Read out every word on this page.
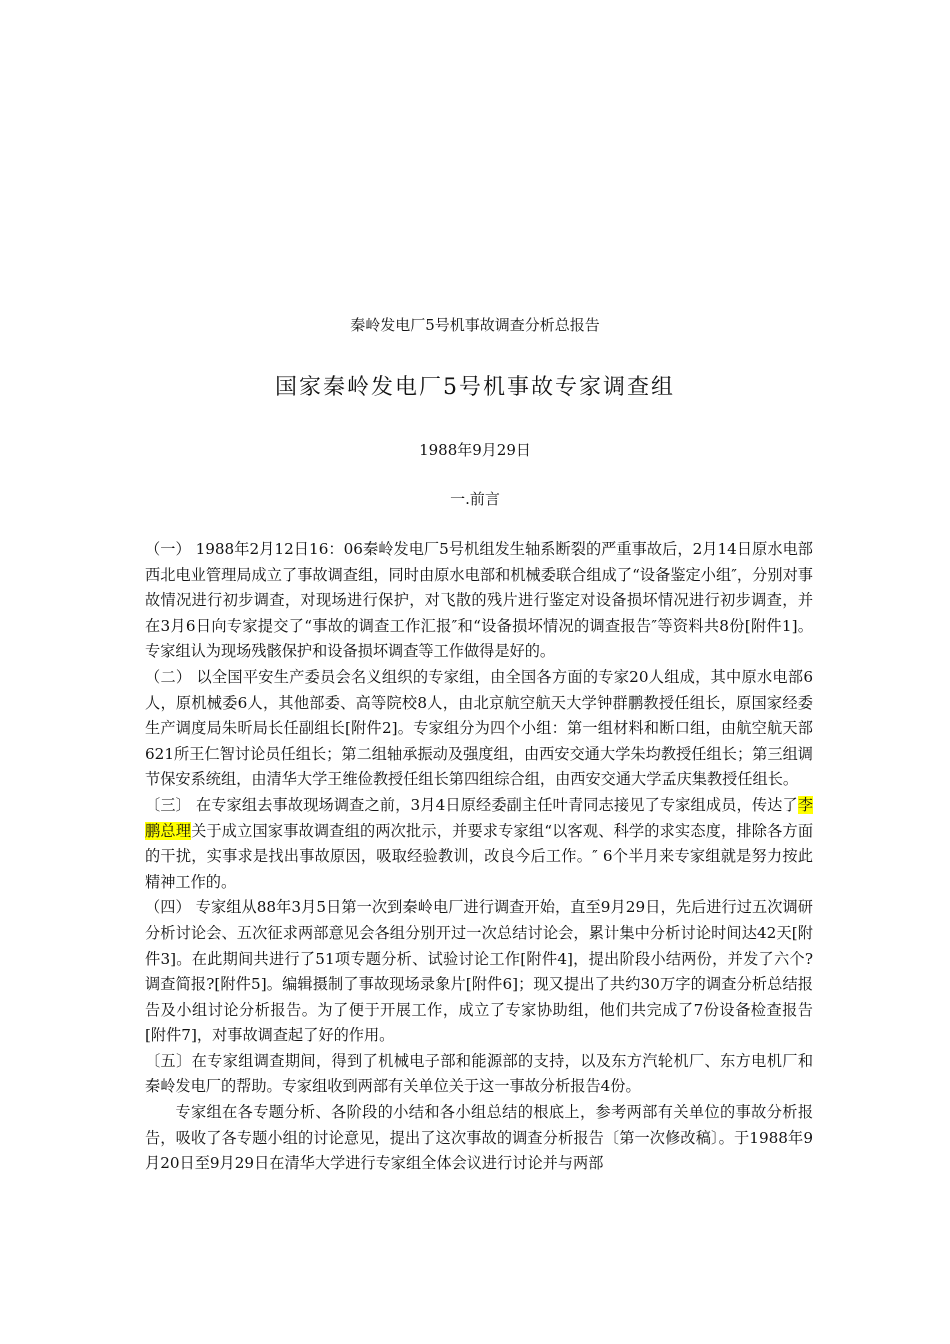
秦岭发电厂5号机事故调查分析总报告
国家秦岭发电厂5号机事故专家调查组
1988年9月29日
一.前言

（一） 1988年2月12日16：06秦岭发电厂5号机组发生轴系断裂的严重事故后，2月14日原水电部西北电业管理局成立了事故调查组，同时由原水电部和机械委联合组成了“设备鉴定小组″，分别对事故情况进行初步调查，对现场进行保护，对飞散的残片进行鉴定对设备损坏情况进行初步调查，并在3月6日向专家提交了“事故的调查工作汇报″和“设备损坏情况的调查报告″等资料共8份[附件1]。专家组认为现场残骸保护和设备损坏调查等工作做得是好的。

（二） 以全国平安生产委员会名义组织的专家组，由全国各方面的专家20人组成，其中原水电部6人，原机械委6人，其他部委、高等院校8人，由北京航空航天大学钟群鹏教授任组长，原国家经委生产调度局朱昕局长任副组长[附件2]。专家组分为四个小组：第一组材料和断口组，由航空航天部621所王仁智讨论员任组长；第二组轴承振动及强度组，由西安交通大学朱均教授任组长；第三组调节保安系统组，由清华大学王维俭教授任组长第四组综合组，由西安交通大学孟庆集教授任组长。

〔三〕 在专家组去事故现场调查之前，3月4日原经委副主任叶青同志接见了专家组成员，传达了李鹏总理关于成立国家事故调查组的两次批示，并要求专家组“以客观、科学的求实态度，排除各方面的干扰，实事求是找出事故原因，吸取经验教训，改良今后工作。″ 6个半月来专家组就是努力按此精神工作的。

（四） 专家组从88年3月5日第一次到秦岭电厂进行调查开始，直至9月29日，先后进行过五次调研分析讨论会、五次征求两部意见会各组分别开过一次总结讨论会，累计集中分析讨论时间达42天[附件3]。在此期间共进行了51项专题分析、试验讨论工作[附件4]，提出阶段小结两份，并发了六个?调查简报?[附件5]。编辑摄制了事故现场录象片[附件6]；现又提出了共约30万字的调查分析总结报告及小组讨论分析报告。为了便于开展工作，成立了专家协助组，他们共完成了7份设备检查报告[附件7]，对事故调查起了好的作用。

〔五〕在专家组调查期间，得到了机械电子部和能源部的支持，以及东方汽轮机厂、东方电机厂和秦岭发电厂的帮助。专家组收到两部有关单位关于这一事故分析报告4份。

专家组在各专题分析、各阶段的小结和各小组总结的根底上，参考两部有关单位的事故分析报告，吸收了各专题小组的讨论意见，提出了这次事故的调查分析报告〔第一次修改稿〕。于1988年9月20日至9月29日在清华大学进行专家组全体会议进行讨论并与两部
